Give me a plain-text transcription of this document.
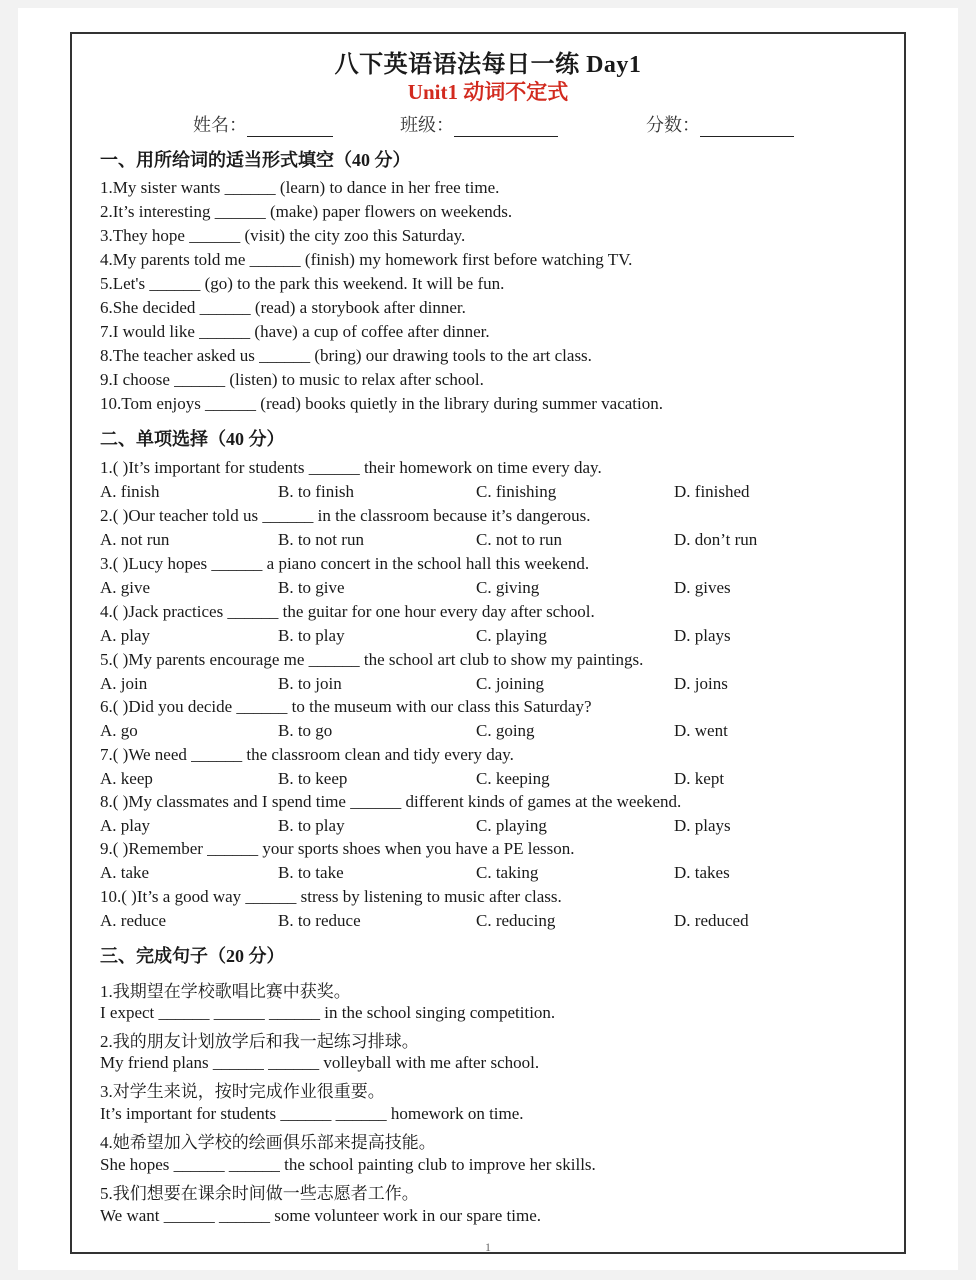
八下英语语法每日一练 Day1
Unit1 动词不定式
姓名：	班级：	分数：
一、用所给词的适当形式填空（40 分）
1.My sister wants ______ (learn) to dance in her free time.
2.It’s interesting ______ (make) paper flowers on weekends.
3.They hope ______ (visit) the city zoo this Saturday.
4.My parents told me ______ (finish) my homework first before watching TV.
5.Let's ______ (go) to the park this weekend. It will be fun.
6.She decided ______ (read) a storybook after dinner.
7.I would like ______ (have) a cup of coffee after dinner.
8.The teacher asked us ______ (bring) our drawing tools to the art class.
9.I choose ______ (listen) to music to relax after school.
10.Tom enjoys ______ (read) books quietly in the library during summer vacation.
二、单项选择（40 分）
1.( )It’s important for students ______ their homework on time every day.
A. finish	B. to finish	C. finishing	D. finished
2.( )Our teacher told us ______ in the classroom because it’s dangerous.
A. not run	B. to not run	C. not to run	D. don’t run
3.( )Lucy hopes ______ a piano concert in the school hall this weekend.
A. give	B. to give	C. giving	D. gives
4.( )Jack practices ______ the guitar for one hour every day after school.
A. play	B. to play	C. playing	D. plays
5.( )My parents encourage me ______ the school art club to show my paintings.
A. join	B. to join	C. joining	D. joins
6.( )Did you decide ______ to the museum with our class this Saturday?
A. go	B. to go	C. going	D. went
7.( )We need ______ the classroom clean and tidy every day.
A. keep	B. to keep	C. keeping	D. kept
8.( )My classmates and I spend time ______ different kinds of games at the weekend.
A. play	B. to play	C. playing	D. plays
9.( )Remember ______ your sports shoes when you have a PE lesson.
A. take	B. to take	C. taking	D. takes
10.( )It’s a good way ______ stress by listening to music after class.
A. reduce	B. to reduce	C. reducing	D. reduced
三、完成句子（20 分）
1.我期望在学校歌唱比赛中获奖。
I expect ______ ______ ______ in the school singing competition.
2.我的朋友计划放学后和我一起练习排球。
My friend plans ______ ______ volleyball with me after school.
3.对学生来说，按时完成作业很重要。
It’s important for students ______ ______ homework on time.
4.她希望加入学校的绘画俱乐部来提高技能。
She hopes ______ ______ the school painting club to improve her skills.
5.我们想要在课余时间做一些志愿者工作。
We want ______ ______ some volunteer work in our spare time.
1
